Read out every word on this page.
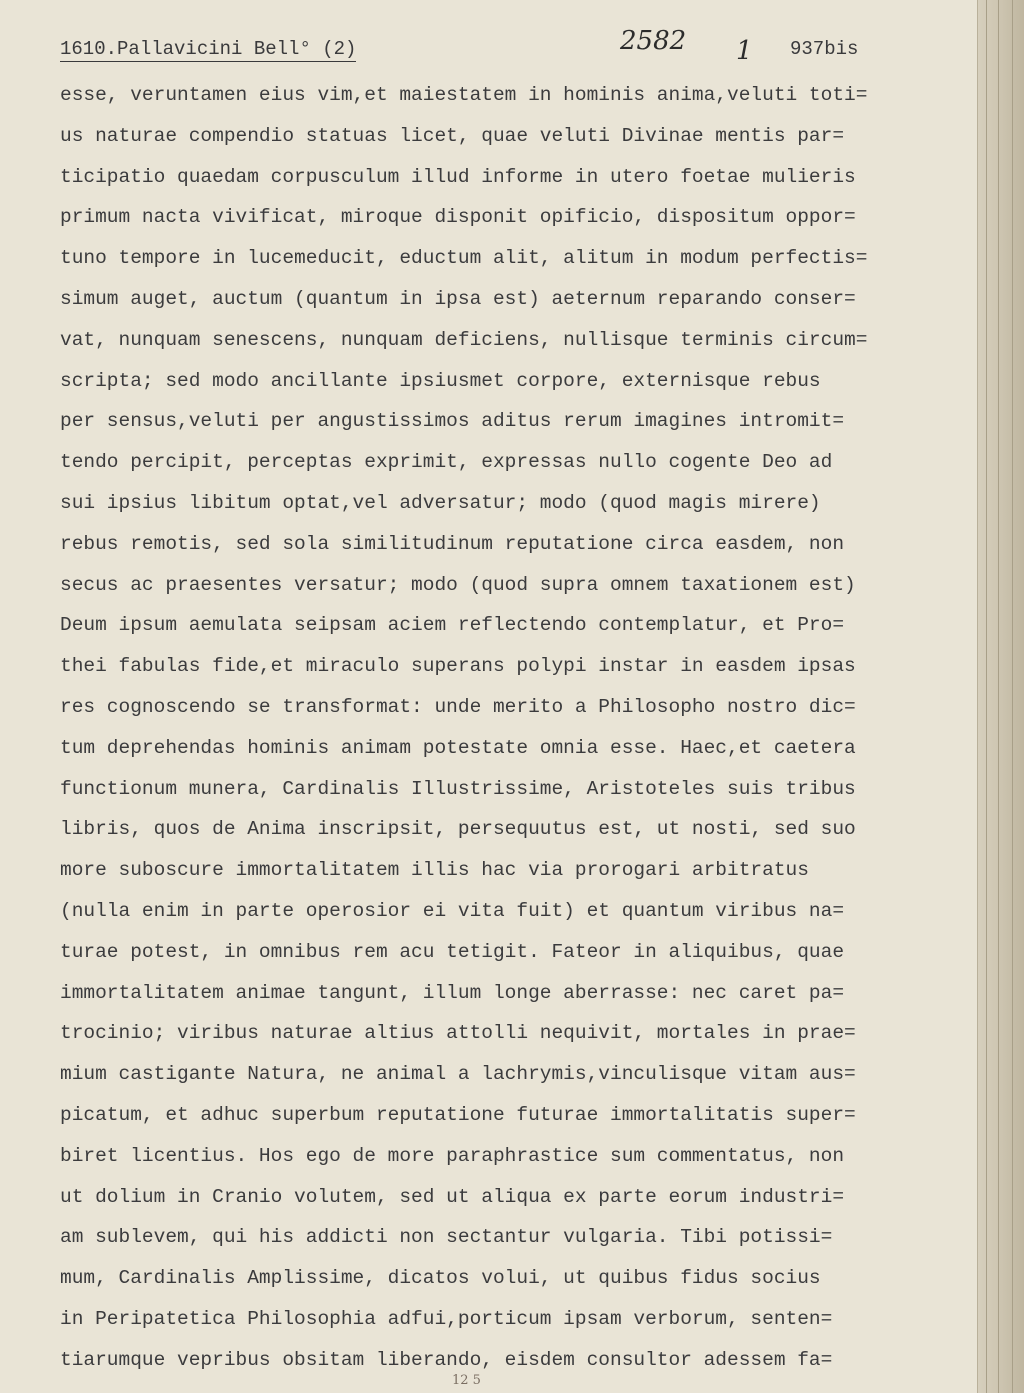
1610.Pallavicini Bell° (2)	2582 1 937bis
esse, veruntamen eius vim,et maiestatem in hominis anima,veluti toti=
us naturae compendio statuas licet, quae veluti Divinae mentis par=
ticipatio quaedam corpusculum illud informe in utero foetae mulieris
primum nacta vivificat, miroque disponit opificio, dispositum oppor=
tuno tempore in lucemeducit, eductum alit, alitum in modum perfectis=
simum auget, auctum (quantum in ipsa est) aeternum reparando conser=
vat, nunquam senescens, nunquam deficiens, nullisque terminis circum=
scripta; sed modo ancillante ipsiusmet corpore, externisque rebus
per sensus,veluti per angustissimos aditus rerum imagines intromit=
tendo percipit, perceptas exprimit, expressas nullo cogente Deo ad
sui ipsius libitum optat,vel adversatur; modo (quod magis mirere)
rebus remotis, sed sola similitudinum reputatione circa easdem, non
secus ac praesentes versatur; modo (quod supra omnem taxationem est)
Deum ipsum aemulata seipsam aciem reflectendo contemplatur, et Pro=
thei fabulas fide,et miraculo superans polypi instar in easdem ipsas
res cognoscendo se transformat: unde merito a Philosopho nostro dic=
tum deprehendas hominis animam potestate omnia esse. Haec,et caetera
functionum munera, Cardinalis Illustrissime, Aristoteles suis tribus
libris, quos de Anima inscripsit, persequutus est, ut nosti, sed suo
more suboscure immortalitatem illis hac via prorogari arbitratus
(nulla enim in parte operosior ei vita fuit) et quantum viribus na=
turae potest, in omnibus rem acu tetigit. Fateor in aliquibus, quae
immortalitatem animae tangunt, illum longe aberrasse: nec caret pa=
trocinio; viribus naturae altius attolli nequivit, mortales in prae=
mium castigante Natura, ne animal a lachrymis,vinculisque vitam aus=
picatum, et adhuc superbum reputatione futurae immortalitatis super=
biret licentius. Hos ego de more paraphrastice sum commentatus, non
ut dolium in Cranio volutem, sed ut aliqua ex parte eorum industri=
am sublevem, qui his addicti non sectantur vulgaria. Tibi potissi=
mum, Cardinalis Amplissime, dicatos volui, ut quibus fidus socius
in Peripatetica Philosophia adfui,porticum ipsam verborum, senten=
tiarumque vepribus obsitam liberando, eisdem consultor adessem fa=
12 5
